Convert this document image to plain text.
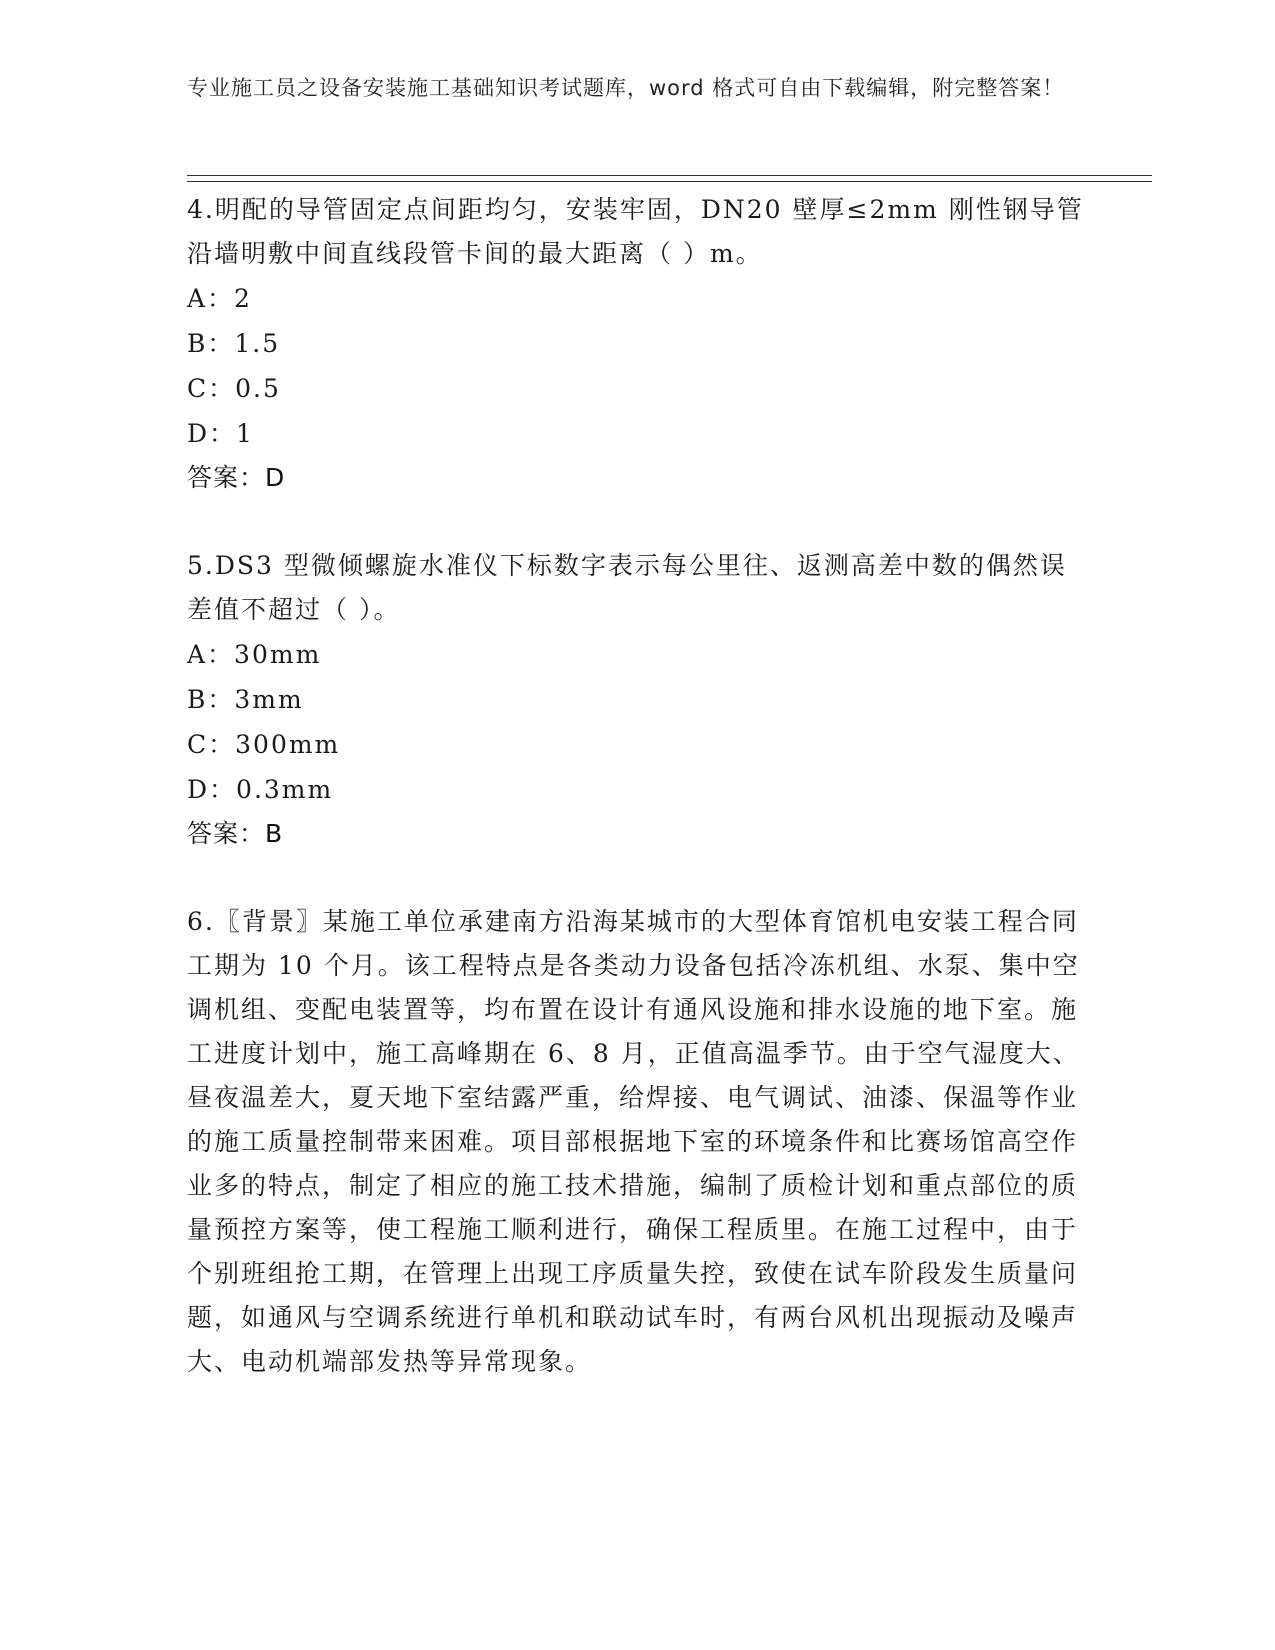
专业施工员之设备安装施工基础知识考试题库，word 格式可自由下载编辑，附完整答案！

4.明配的导管固定点间距均匀，安装牢固，DN20 壁厚≤2mm 刚性钢导管沿墙明敷中间直线段管卡间的最大距离（ ）m。

A：2

B：1.5

C：0.5

D：1

答案：D

5.DS3 型微倾螺旋水准仪下标数字表示每公里往、返测高差中数的偶然误差值不超过（ ）。

A：30mm

B：3mm

C：300mm

D：0.3mm

答案：B

6.〖背景〗某施工单位承建南方沿海某城市的大型体育馆机电安装工程合同工期为 10 个月。该工程特点是各类动力设备包括冷冻机组、水泵、集中空调机组、变配电装置等，均布置在设计有通风设施和排水设施的地下室。施工进度计划中，施工高峰期在 6、8 月，正值高温季节。由于空气湿度大、昼夜温差大，夏天地下室结露严重，给焊接、电气调试、油漆、保温等作业的施工质量控制带来困难。项目部根据地下室的环境条件和比赛场馆高空作业多的特点，制定了相应的施工技术措施，编制了质检计划和重点部位的质量预控方案等，使工程施工顺利进行，确保工程质里。在施工过程中，由于个别班组抢工期，在管理上出现工序质量失控，致使在试车阶段发生质量问题，如通风与空调系统进行单机和联动试车时，有两台风机出现振动及噪声大、电动机端部发热等异常现象。
